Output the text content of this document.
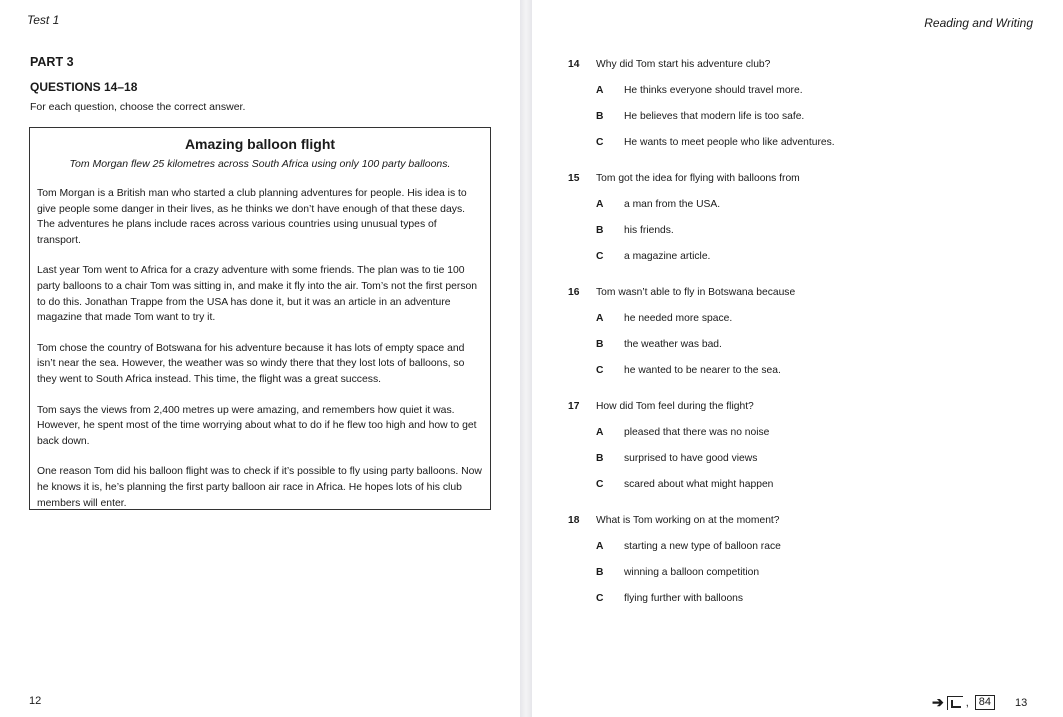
Test 1
PART 3
QUESTIONS 14–18
For each question, choose the correct answer.
Amazing balloon flight
Tom Morgan flew 25 kilometres across South Africa using only 100 party balloons.

Tom Morgan is a British man who started a club planning adventures for people. His idea is to give people some danger in their lives, as he thinks we don’t have enough of that these days. The adventures he plans include races across various countries using unusual types of transport.

Last year Tom went to Africa for a crazy adventure with some friends. The plan was to tie 100 party balloons to a chair Tom was sitting in, and make it fly into the air. Tom’s not the first person to do this. Jonathan Trappe from the USA has done it, but it was an article in an adventure magazine that made Tom want to try it.

Tom chose the country of Botswana for his adventure because it has lots of empty space and isn’t near the sea. However, the weather was so windy there that they lost lots of balloons, so they went to South Africa instead. This time, the flight was a great success.

Tom says the views from 2,400 metres up were amazing, and remembers how quiet it was. However, he spent most of the time worrying about what to do if he flew too high and how to get back down.

One reason Tom did his balloon flight was to check if it’s possible to fly using party balloons. Now he knows it is, he’s planning the first party balloon air race in Africa. He hopes lots of his club members will enter.

12
Reading and Writing
14	Why did Tom start his adventure club?
A	He thinks everyone should travel more.
B	He believes that modern life is too safe.
C	He wants to meet people who like adventures.
15	Tom got the idea for flying with balloons from
A	a man from the USA.
B	his friends.
C	a magazine article.
16	Tom wasn’t able to fly in Botswana because
A	he needed more space.
B	the weather was bad.
C	he wanted to be nearer to the sea.
17	How did Tom feel during the flight?
A	pleased that there was no noise
B	surprised to have good views
C	scared about what might happen
18	What is Tom working on at the moment?
A	starting a new type of balloon race
B	winning a balloon competition
C	flying further with balloons
➔ , 84	13
